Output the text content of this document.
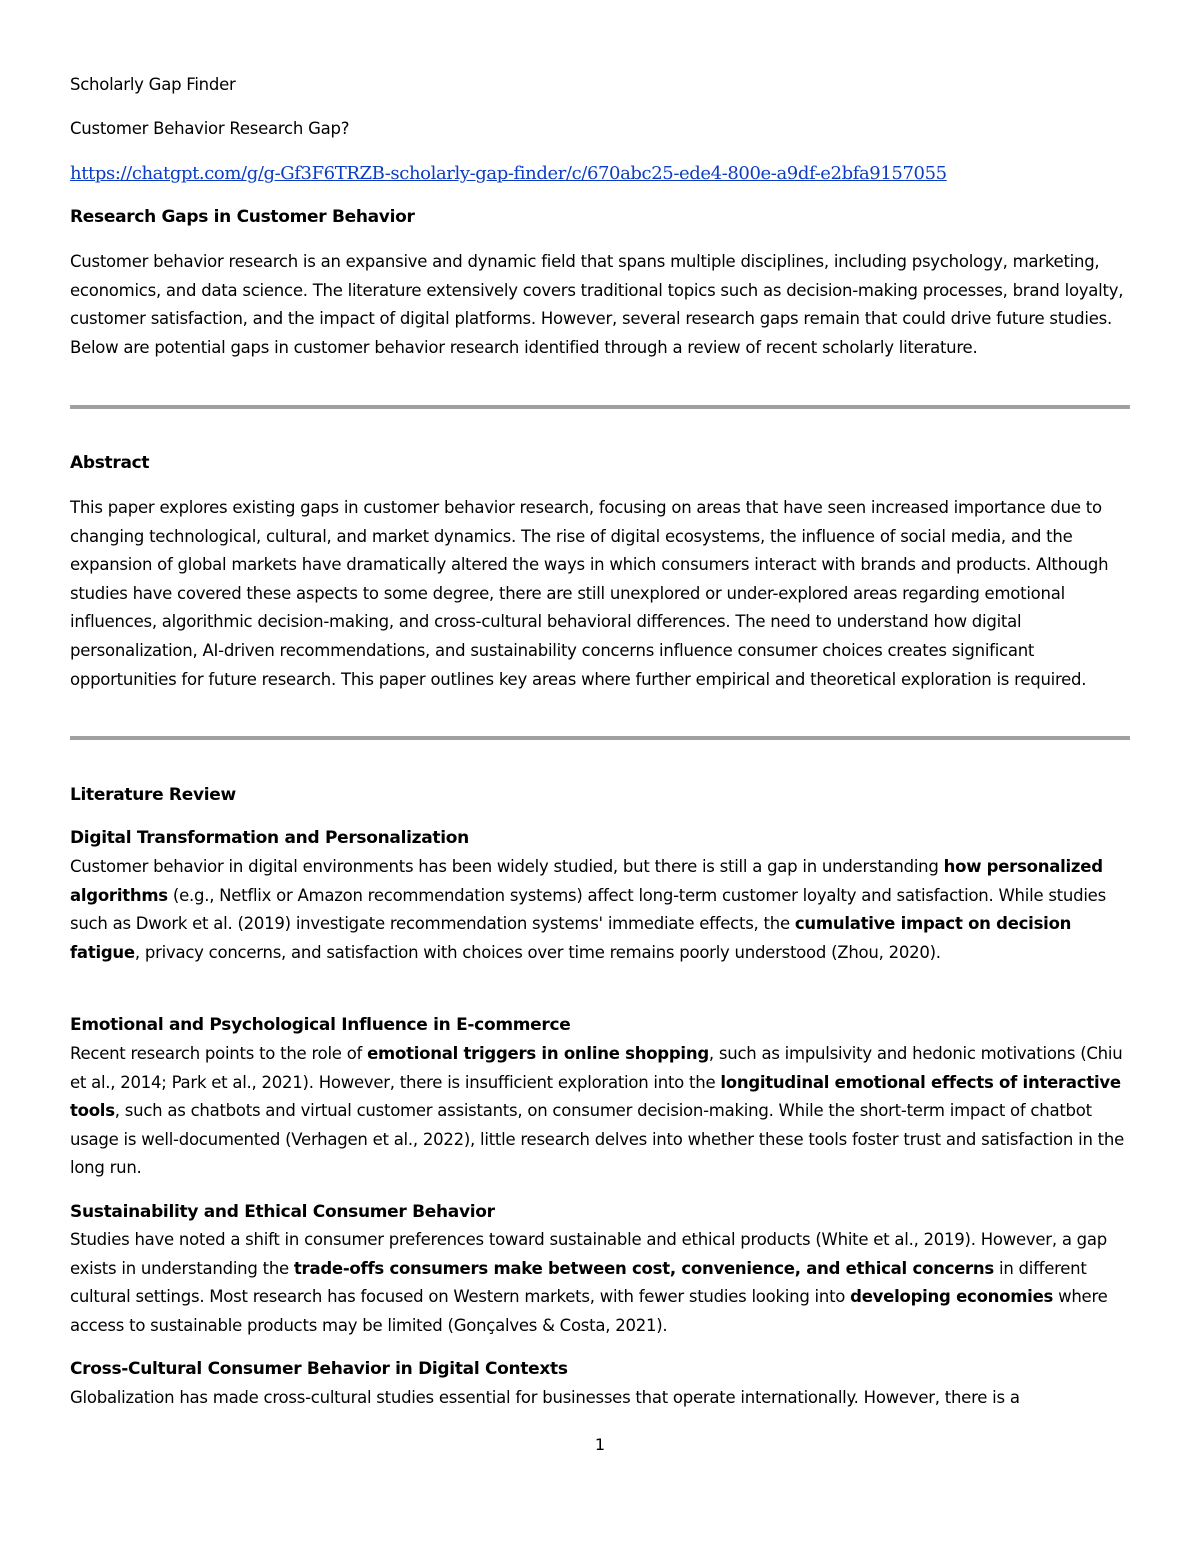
Scholarly Gap Finder

Customer Behavior Research Gap?

https://chatgpt.com/g/g-Gf3F6TRZB-scholarly-gap-finder/c/670abc25-ede4-800e-a9df-e2bfa9157055

Research Gaps in Customer Behavior

Customer behavior research is an expansive and dynamic field that spans multiple disciplines, including psychology, marketing, economics, and data science. The literature extensively covers traditional topics such as decision-making processes, brand loyalty, customer satisfaction, and the impact of digital platforms. However, several research gaps remain that could drive future studies. Below are potential gaps in customer behavior research identified through a review of recent scholarly literature.

Abstract

This paper explores existing gaps in customer behavior research, focusing on areas that have seen increased importance due to changing technological, cultural, and market dynamics. The rise of digital ecosystems, the influence of social media, and the expansion of global markets have dramatically altered the ways in which consumers interact with brands and products. Although studies have covered these aspects to some degree, there are still unexplored or under-explored areas regarding emotional influences, algorithmic decision-making, and cross-cultural behavioral differences. The need to understand how digital personalization, AI-driven recommendations, and sustainability concerns influence consumer choices creates significant opportunities for future research. This paper outlines key areas where further empirical and theoretical exploration is required.

Literature Review

Digital Transformation and Personalization

Customer behavior in digital environments has been widely studied, but there is still a gap in understanding how personalized algorithms (e.g., Netflix or Amazon recommendation systems) affect long-term customer loyalty and satisfaction. While studies such as Dwork et al. (2019) investigate recommendation systems' immediate effects, the cumulative impact on decision fatigue, privacy concerns, and satisfaction with choices over time remains poorly understood (Zhou, 2020).

Emotional and Psychological Influence in E-commerce

Recent research points to the role of emotional triggers in online shopping, such as impulsivity and hedonic motivations (Chiu et al., 2014; Park et al., 2021). However, there is insufficient exploration into the longitudinal emotional effects of interactive tools, such as chatbots and virtual customer assistants, on consumer decision-making. While the short-term impact of chatbot usage is well-documented (Verhagen et al., 2022), little research delves into whether these tools foster trust and satisfaction in the long run.

Sustainability and Ethical Consumer Behavior

Studies have noted a shift in consumer preferences toward sustainable and ethical products (White et al., 2019). However, a gap exists in understanding the trade-offs consumers make between cost, convenience, and ethical concerns in different cultural settings. Most research has focused on Western markets, with fewer studies looking into developing economies where access to sustainable products may be limited (Gonçalves & Costa, 2021).

Cross-Cultural Consumer Behavior in Digital Contexts

Globalization has made cross-cultural studies essential for businesses that operate internationally. However, there is a

1
